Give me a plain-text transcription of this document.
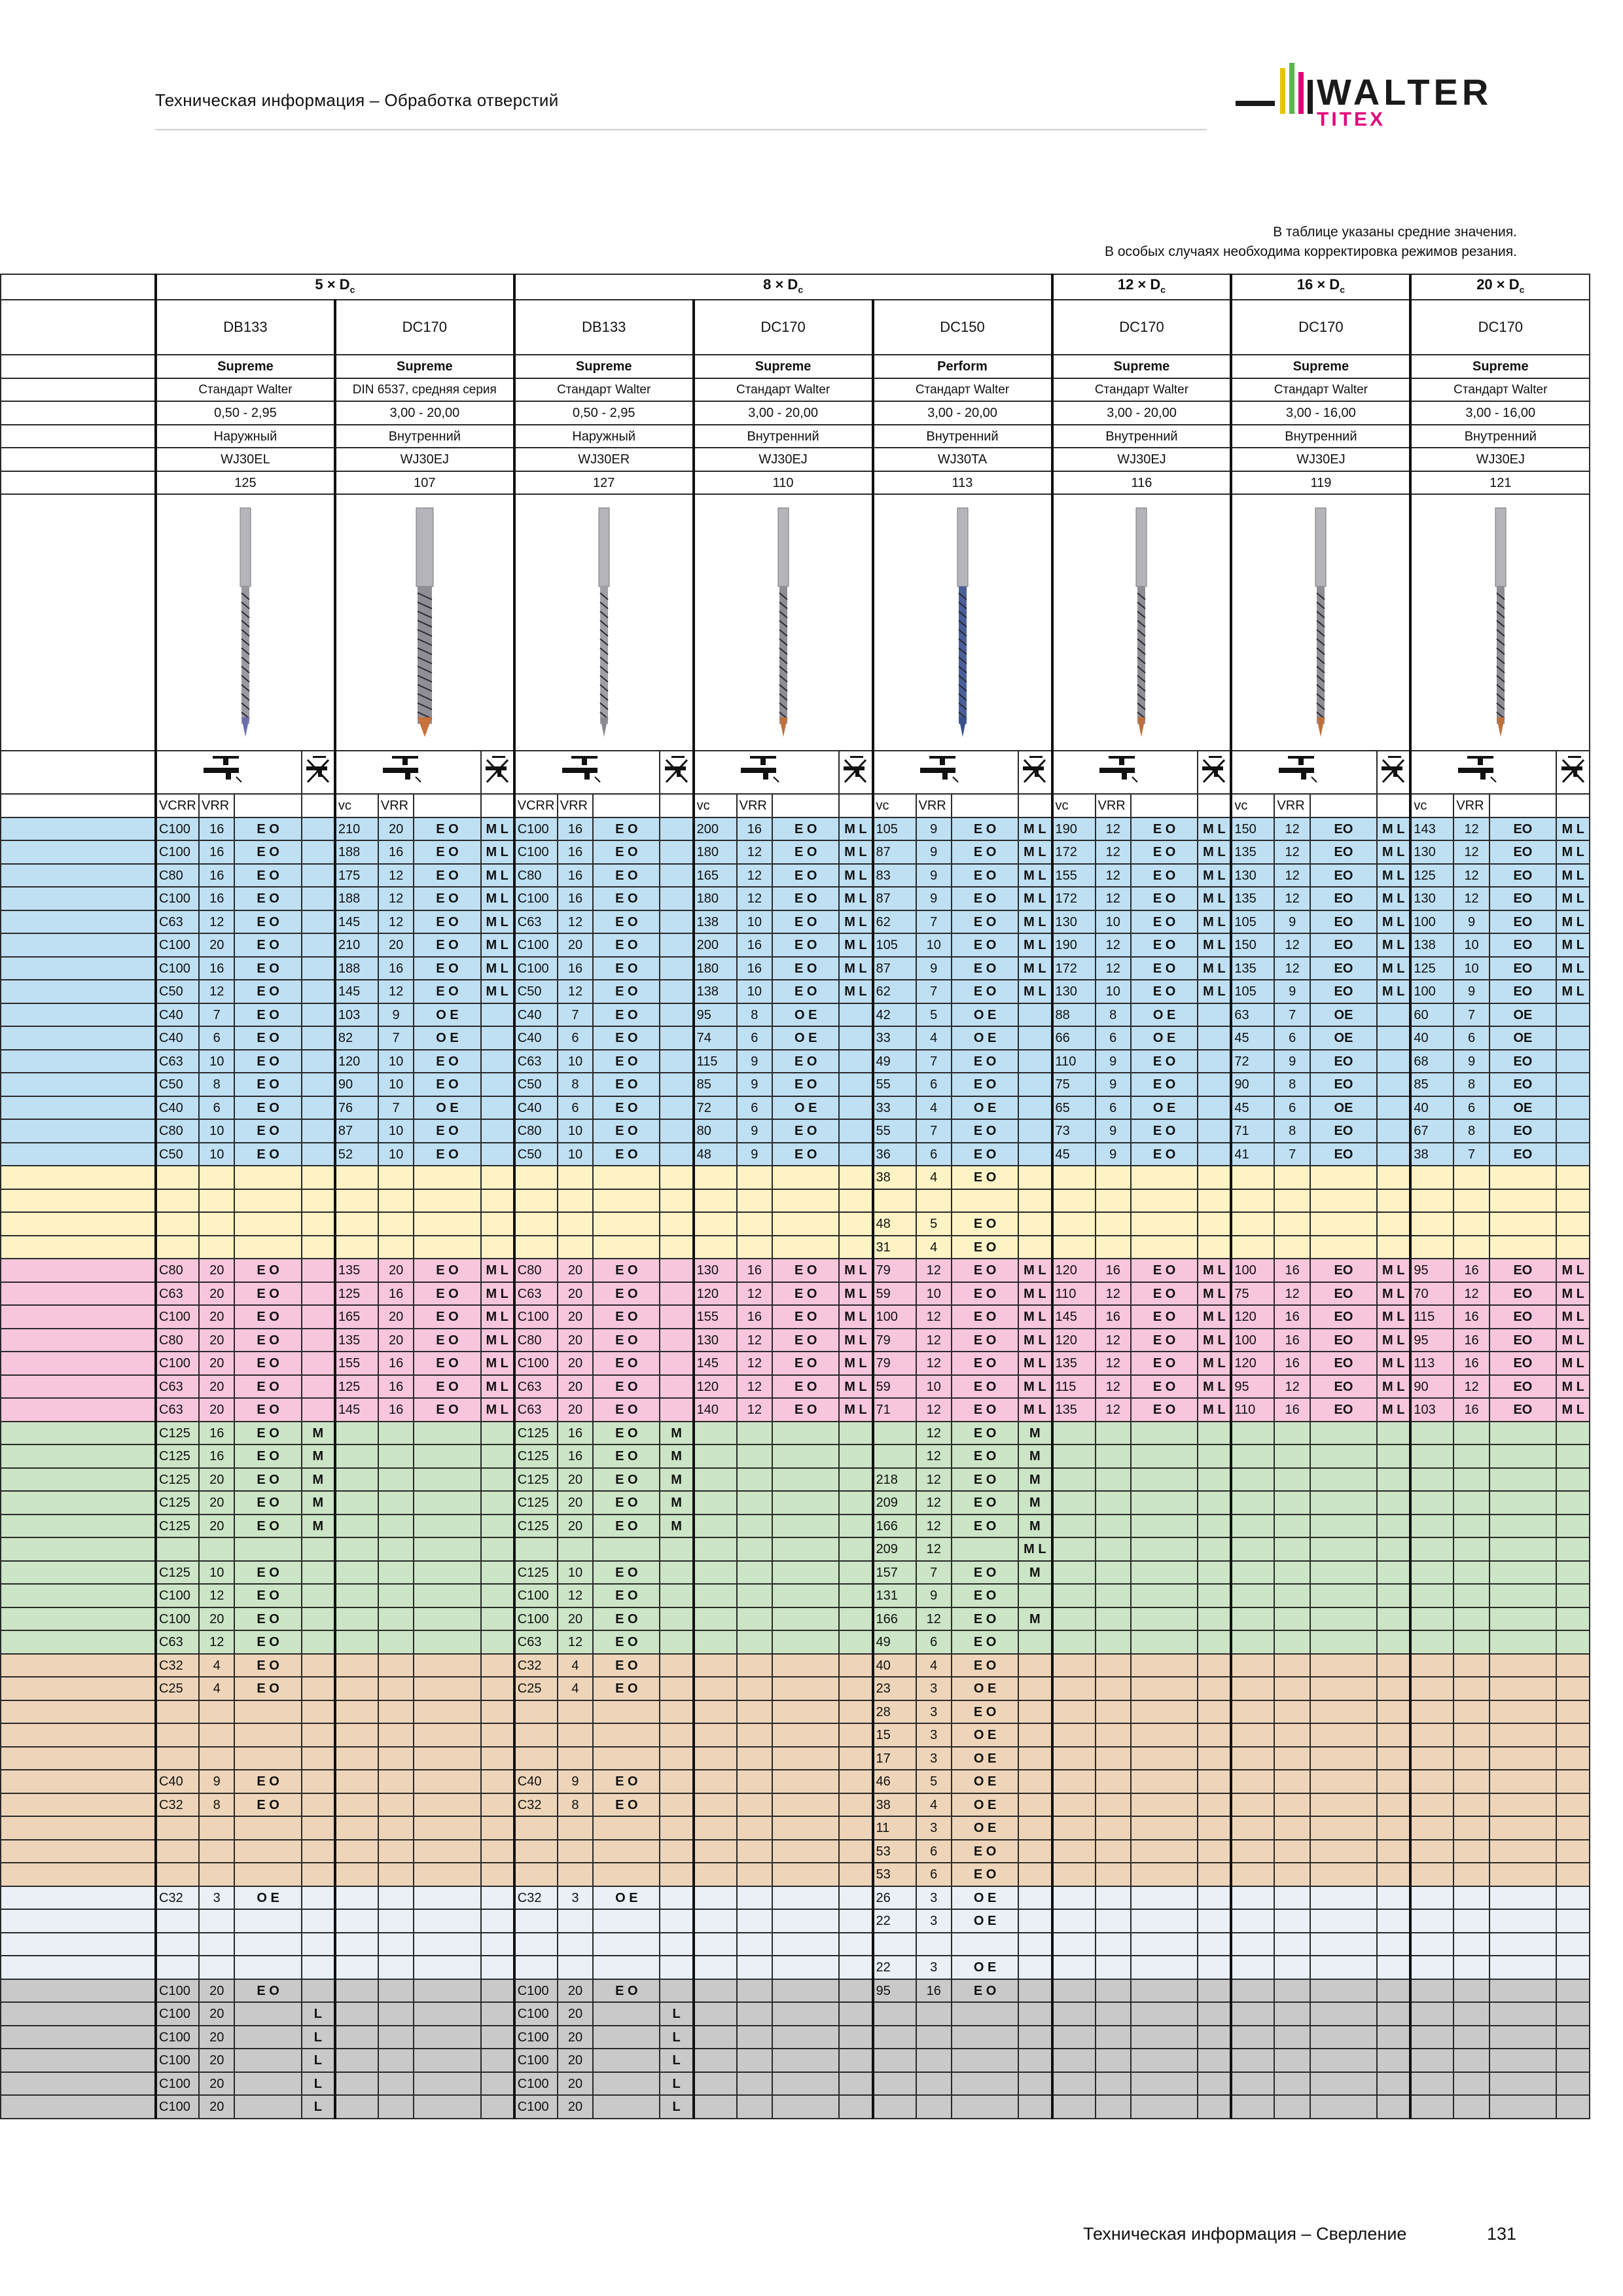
Техническая информация – Обработка отверстий	WALTER
TITEX
В таблице указаны средние значения.
В особых случаях необходима корректировка режимов резания.
	$5 \times D_c$								$8 \times D_c$												$12 \times D_c$				$16 \times D_c$				$20 \times D_c$
	DB133				DC170				DB133				DC170				DC150				DC170				DC170				DC170			
	Supreme				Supreme				Supreme				Supreme				Perform				Supreme				Supreme				Supreme			
	Стандарт Walter				DIN 6537, средняя серия				Стандарт Walter				Стандарт Walter				Стандарт Walter				Стандарт Walter				Стандарт Walter				Стандарт Walter			
	0,50 - 2,95				3,00 - 20,00				0,50 - 2,95				3,00 - 20,00				3,00 - 20,00				3,00 - 20,00				3,00 - 16,00				3,00 - 16,00			
	Наружный				Внутренний				Наружный				Внутренний				Внутренний				Внутренний				Внутренний				Внутренний			
	WJ30EL				WJ30EJ				WJ30ER				WJ30EJ				WJ30TA				WJ30EJ				WJ30EJ				WJ30EJ			
	125				107				127				110				113				116				119				121			

	VCRR	VRR			vc	VRR			VCRR	VRR			vc	VRR			vc	VRR			vc	VRR			vc	VRR			vc	VRR		
	C100	16	E O		210	20	E O	M L	C100	16	E O		200	16	E O	M L	105	9	E O	M L	190	12	E O	M L	150	12	EO	M L	143	12	EO	M L
	C100	16	E O		188	16	E O	M L	C100	16	E O		180	12	E O	M L	87	9	E O	M L	172	12	E O	M L	135	12	EO	M L	130	12	EO	M L
	C80	16	E O		175	12	E O	M L	C80	16	E O		165	12	E O	M L	83	9	E O	M L	155	12	E O	M L	130	12	EO	M L	125	12	EO	M L
	C100	16	E O		188	12	E O	M L	C100	16	E O		180	12	E O	M L	87	9	E O	M L	172	12	E O	M L	135	12	EO	M L	130	12	EO	M L
	C63	12	E O		145	12	E O	M L	C63	12	E O		138	10	E O	M L	62	7	E O	M L	130	10	E O	M L	105	9	EO	M L	100	9	EO	M L
	C100	20	E O		210	20	E O	M L	C100	20	E O		200	16	E O	M L	105	10	E O	M L	190	12	E O	M L	150	12	EO	M L	138	10	EO	M L
	C100	16	E O		188	16	E O	M L	C100	16	E O		180	16	E O	M L	87	9	E O	M L	172	12	E O	M L	135	12	EO	M L	125	10	EO	M L
	C50	12	E O		145	12	E O	M L	C50	12	E O		138	10	E O	M L	62	7	E O	M L	130	10	E O	M L	105	9	EO	M L	100	9	EO	M L
	C40	7	E O		103	9	O E		C40	7	E O		95	8	O E		42	5	O E		88	8	O E		63	7	OE		60	7	OE	
	C40	6	E O		82	7	O E		C40	6	E O		74	6	O E		33	4	O E		66	6	O E		45	6	OE		40	6	OE	
	C63	10	E O		120	10	E O		C63	10	E O		115	9	E O		49	7	E O		110	9	E O		72	9	EO		68	9	EO	
	C50	8	E O		90	10	E O		C50	8	E O		85	9	E O		55	6	E O		75	9	E O		90	8	EO		85	8	EO	
	C40	6	E O		76	7	O E		C40	6	E O		72	6	O E		33	4	O E		65	6	O E		45	6	OE		40	6	OE	
	C80	10	E O		87	10	E O		C80	10	E O		80	9	E O		55	7	E O		73	9	E O		71	8	EO		67	8	EO	
	C50	10	E O		52	10	E O		C50	10	E O		48	9	E O		36	6	E O		45	9	E O		41	7	EO		38	7	EO	
																	38	4	E O													

																	48	5	E O													
																	31	4	E O													
	C80	20	E O		135	20	E O	M L	C80	20	E O		130	16	E O	M L	79	12	E O	M L	120	16	E O	M L	100	16	EO	M L	95	16	EO	M L
	C63	20	E O		125	16	E O	M L	C63	20	E O		120	12	E O	M L	59	10	E O	M L	110	12	E O	M L	75	12	EO	M L	70	12	EO	M L
	C100	20	E O		165	20	E O	M L	C100	20	E O		155	16	E O	M L	100	12	E O	M L	145	16	E O	M L	120	16	EO	M L	115	16	EO	M L
	C80	20	E O		135	20	E O	M L	C80	20	E O		130	12	E O	M L	79	12	E O	M L	120	12	E O	M L	100	16	EO	M L	95	16	EO	M L
	C100	20	E O		155	16	E O	M L	C100	20	E O		145	12	E O	M L	79	12	E O	M L	135	12	E O	M L	120	16	EO	M L	113	16	EO	M L
	C63	20	E O		125	16	E O	M L	C63	20	E O		120	12	E O	M L	59	10	E O	M L	115	12	E O	M L	95	12	EO	M L	90	12	EO	M L
	C63	20	E O		145	16	E O	M L	C63	20	E O		140	12	E O	M L	71	12	E O	M L	135	12	E O	M L	110	16	EO	M L	103	16	EO	M L
	C125	16	E O	M					C125	16	E O	M						12	E O	M												
	C125	16	E O	M					C125	16	E O	M						12	E O	M												
	C125	20	E O	M					C125	20	E O	M					218	12	E O	M												
	C125	20	E O	M					C125	20	E O	M					209	12	E O	M												
	C125	20	E O	M					C125	20	E O	M					166	12	E O	M												
																	209	12		M L												
	C125	10	E O						C125	10	E O						157	7	E O	M												
	C100	12	E O						C100	12	E O						131	9	E O													
	C100	20	E O						C100	20	E O						166	12	E O	M												
	C63	12	E O						C63	12	E O						49	6	E O													
	C32	4	E O						C32	4	E O						40	4	E O													
	C25	4	E O						C25	4	E O						23	3	O E													
																	28	3	E O													
																	15	3	O E													
																	17	3	O E													
	C40	9	E O						C40	9	E O						46	5	O E													
	C32	8	E O						C32	8	E O						38	4	O E													
																	11	3	O E													
																	53	6	E O													
																	53	6	E O													
	C32	3	O E						C32	3	O E						26	3	O E													
																	22	3	O E													

																	22	3	O E													
	C100	20	E O						C100	20	E O						95	16	E O													
	C100	20		L					C100	20		L																				
	C100	20		L					C100	20		L																				
	C100	20		L					C100	20		L																				
	C100	20		L					C100	20		L																				
	C100	20		L					C100	20		L																				
Техническая информация – Сверление	131
